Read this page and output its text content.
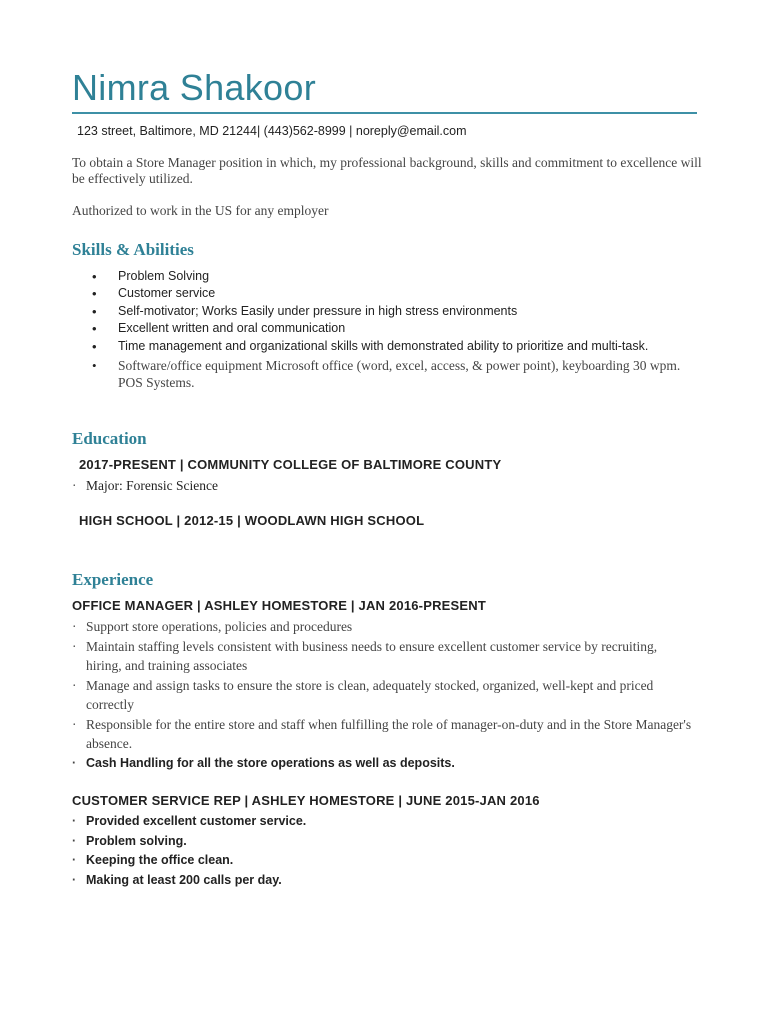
Nimra Shakoor
123 street, Baltimore, MD 21244| (443)562-8999 | noreply@email.com
To obtain a Store Manager position in which, my professional background, skills and commitment to excellence will be effectively utilized.
Authorized to work in the US for any employer
Skills & Abilities
• Problem Solving
• Customer service
• Self-motivator; Works Easily under pressure in high stress environments
• Excellent written and oral communication
• Time management and organizational skills with demonstrated ability to prioritize and multi-task.
• Software/office equipment Microsoft office (word, excel, access, & power point), keyboarding 30 wpm. POS Systems.
Education
2017-PRESENT | COMMUNITY COLLEGE OF BALTIMORE COUNTY
· Major: Forensic Science
HIGH SCHOOL | 2012-15 | WOODLAWN HIGH SCHOOL
Experience
OFFICE MANAGER | ASHLEY HOMESTORE | JAN 2016-PRESENT
· Support store operations, policies and procedures
· Maintain staffing levels consistent with business needs to ensure excellent customer service by recruiting, hiring, and training associates
· Manage and assign tasks to ensure the store is clean, adequately stocked, organized, well-kept and priced correctly
· Responsible for the entire store and staff when fulfilling the role of manager-on-duty and in the Store Manager's absence.
· Cash Handling for all the store operations as well as deposits.
CUSTOMER SERVICE REP | ASHLEY HOMESTORE | JUNE 2015-JAN 2016
· Provided excellent customer service.
· Problem solving.
· Keeping the office clean.
· Making at least 200 calls per day.
